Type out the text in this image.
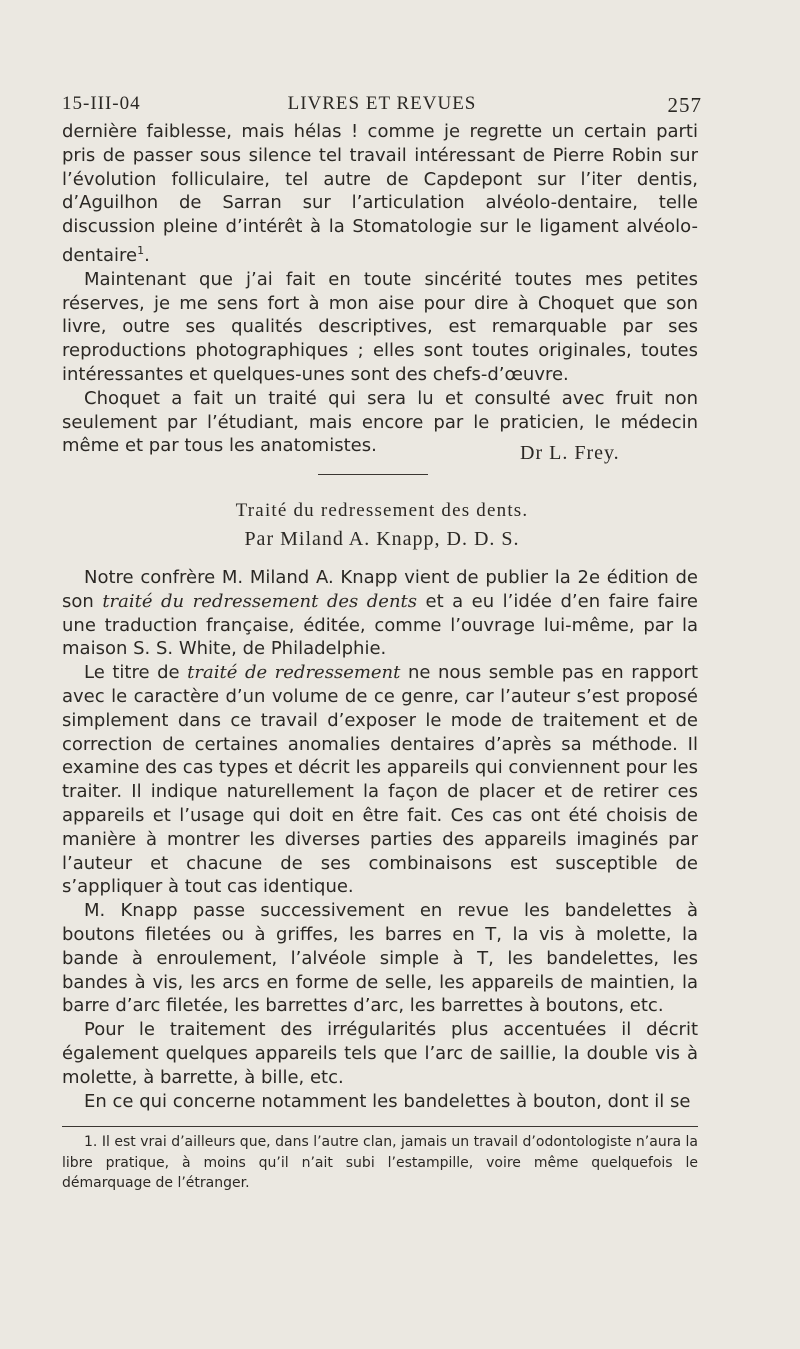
LIVRES ET REVUES
15-III-04	257

dernière faiblesse, mais hélas ! comme je regrette un certain parti pris de passer sous silence tel travail intéressant de Pierre Robin sur l’évolution folliculaire, tel autre de Capdepont sur l’iter dentis, d’Aguilhon de Sarran sur l’articulation alvéolo-dentaire, telle discussion pleine d’intérêt à la Stomatologie sur le ligament alvéolo-dentaire$^1$.

Maintenant que j’ai fait en toute sincérité toutes mes petites réserves, je me sens fort à mon aise pour dire à Choquet que son livre, outre ses qualités descriptives, est remarquable par ses reproductions photographiques ; elles sont toutes originales, toutes intéressantes et quelques-unes sont des chefs-d’œuvre.

Choquet a fait un traité qui sera lu et consulté avec fruit non seulement par l’étudiant, mais encore par le praticien, le médecin même et par tous les anatomistes.	Dr L. Frey.
Traité du redressement des dents.
Par Miland A. Knapp, D. D. S.

Notre confrère M. Miland A. Knapp vient de publier la 2e édition de son traité du redressement des dents et a eu l’idée d’en faire faire une traduction française, éditée, comme l’ouvrage lui-même, par la maison S. S. White, de Philadelphie.

Le titre de traité de redressement ne nous semble pas en rapport avec le caractère d’un volume de ce genre, car l’auteur s’est proposé simplement dans ce travail d’exposer le mode de traitement et de correction de certaines anomalies dentaires d’après sa méthode. Il examine des cas types et décrit les appareils qui conviennent pour les traiter. Il indique naturellement la façon de placer et de retirer ces appareils et l’usage qui doit en être fait. Ces cas ont été choisis de manière à montrer les diverses parties des appareils imaginés par l’auteur et chacune de ses combinaisons est susceptible de s’appliquer à tout cas identique.

M. Knapp passe successivement en revue les bandelettes à boutons filetées ou à griffes, les barres en T, la vis à molette, la bande à enroulement, l’alvéole simple à T, les bandelettes, les bandes à vis, les arcs en forme de selle, les appareils de maintien, la barre d’arc filetée, les barrettes d’arc, les barrettes à boutons, etc.

Pour le traitement des irrégularités plus accentuées il décrit également quelques appareils tels que l’arc de saillie, la double vis à molette, à barrette, à bille, etc.

En ce qui concerne notamment les bandelettes à bouton, dont il se

1. Il est vrai d’ailleurs que, dans l’autre clan, jamais un travail d’odontologiste n’aura la libre pratique, à moins qu’il n’ait subi l’estampille, voire même quelquefois le démarquage de l’étranger.
